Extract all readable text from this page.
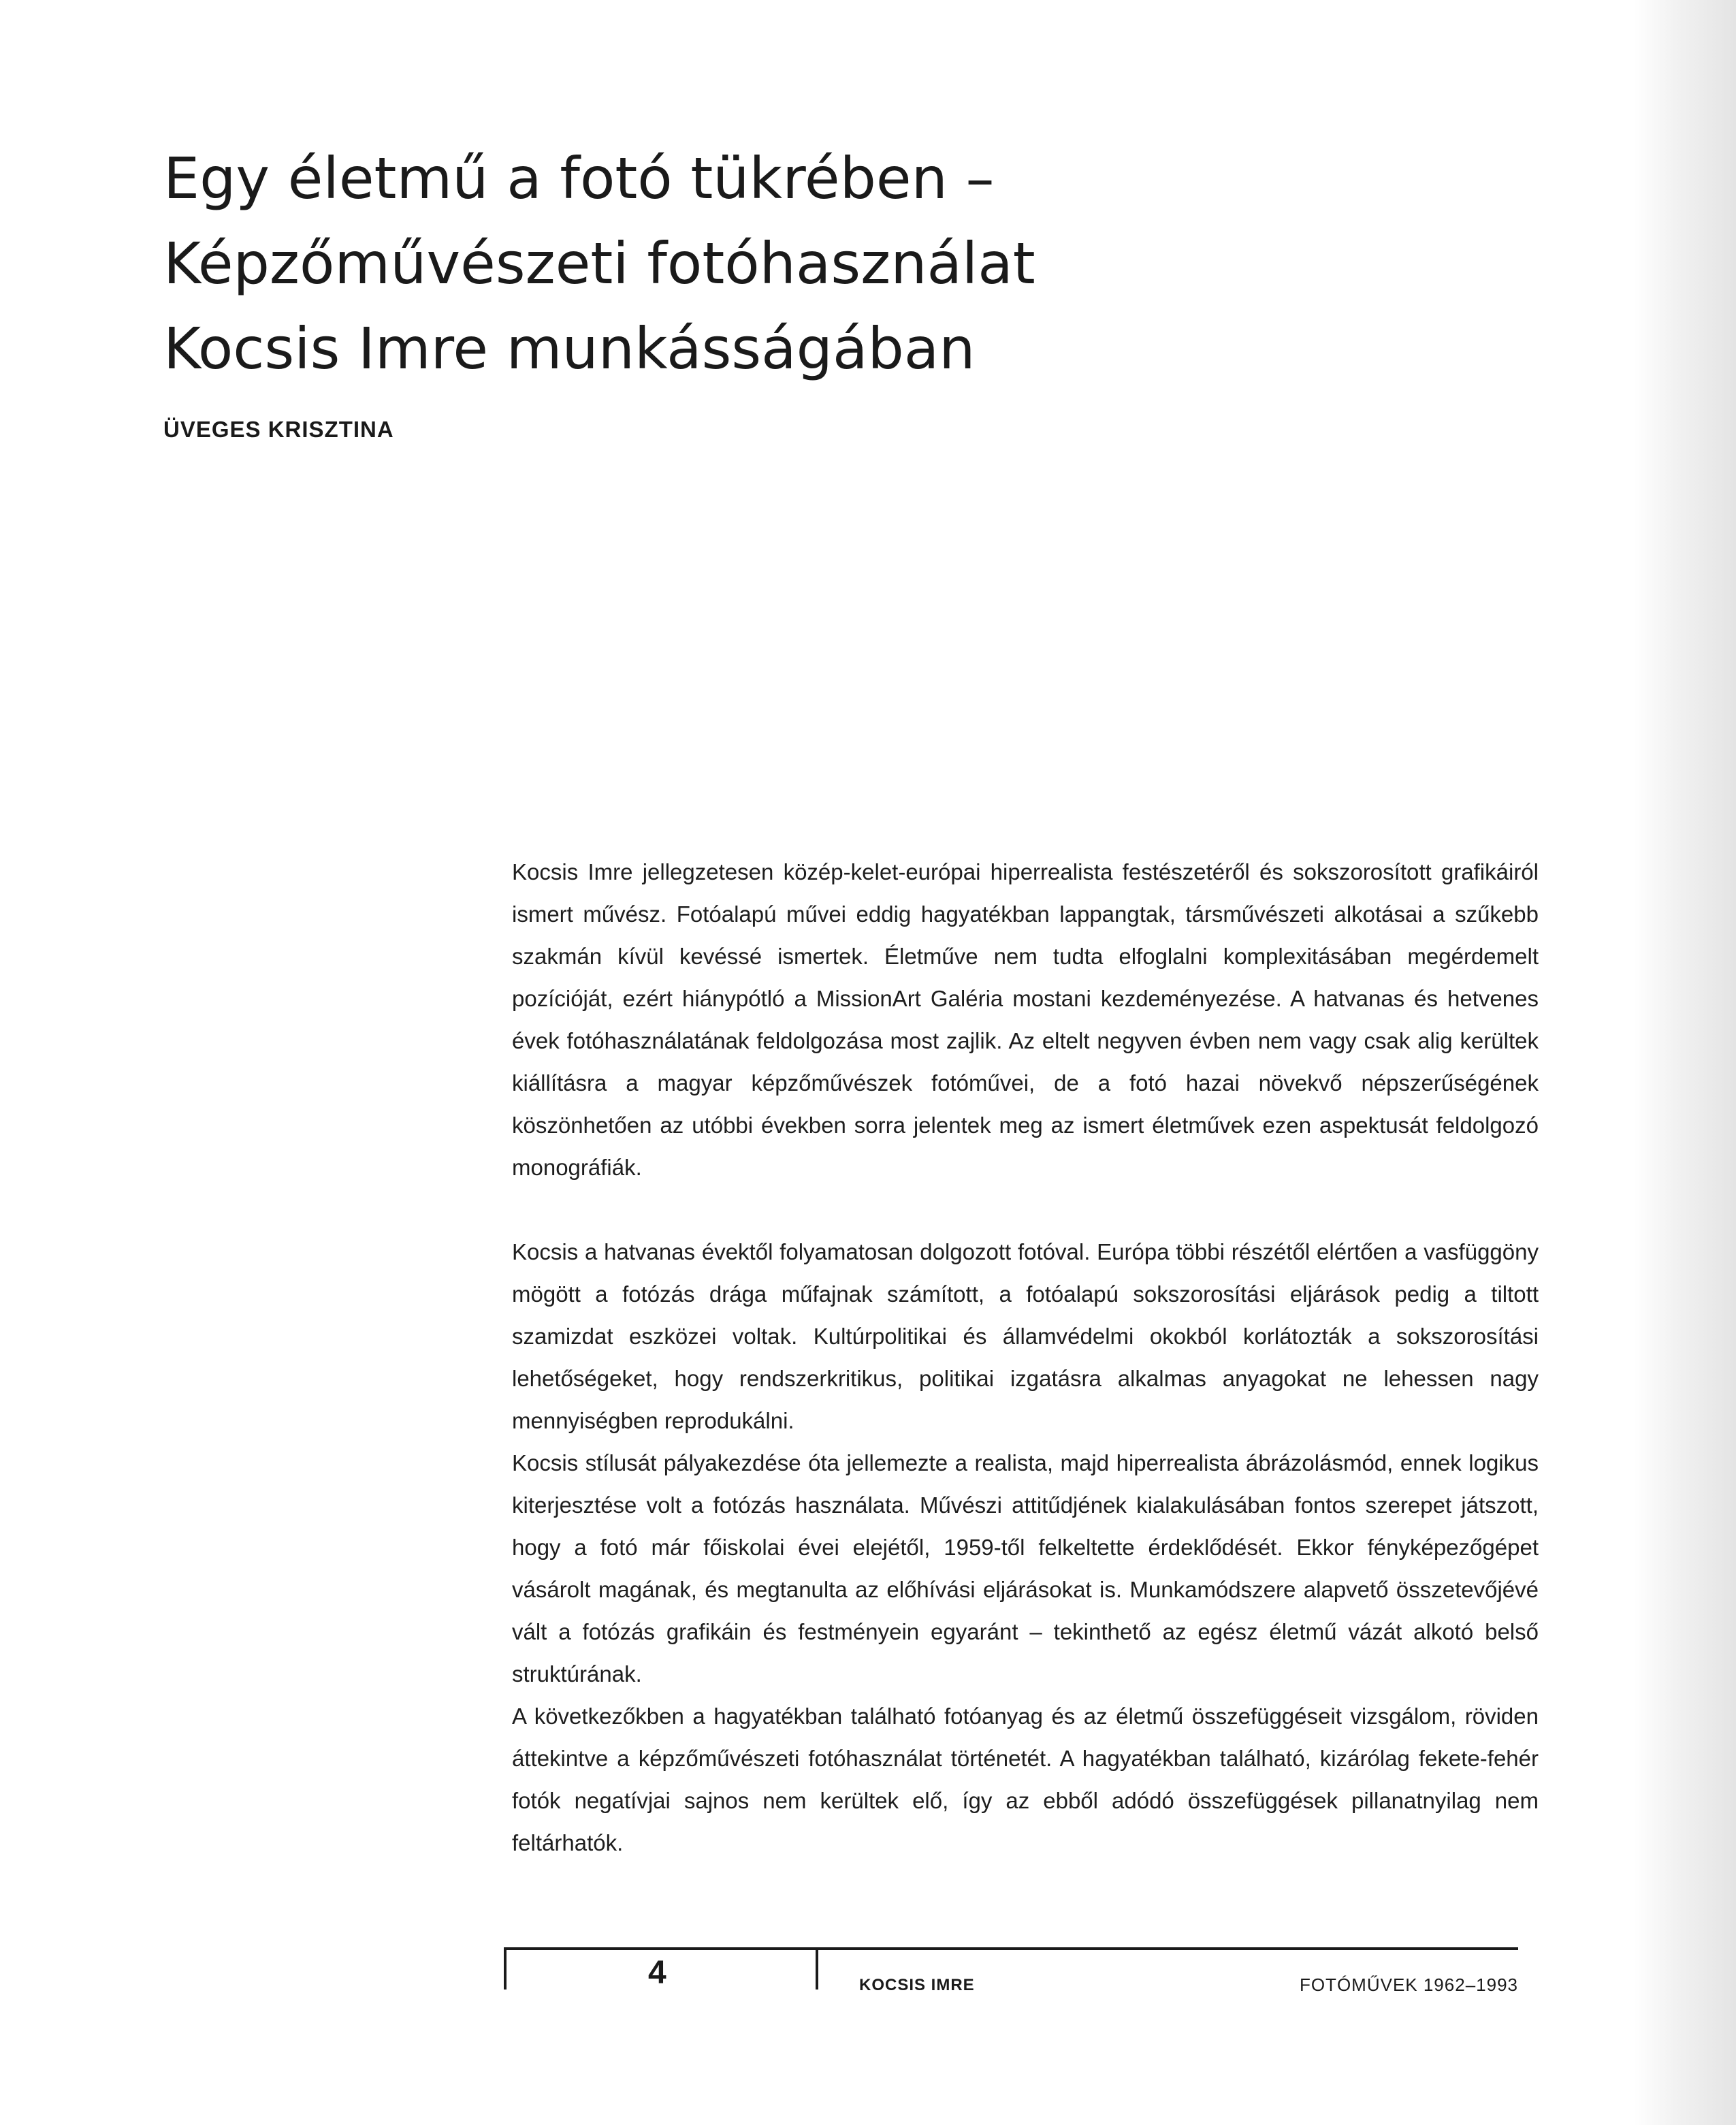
Egy életmű a fotó tükrében –
Képzőművészeti fotóhasználat
Kocsis Imre munkásságában

ÜVEGES KRISZTINA

Kocsis Imre jellegzetesen közép-kelet-európai hiperrealista festészetéről és sokszorosított grafikáiról ismert művész. Fotóalapú művei eddig hagyatékban lappangtak, társművészeti alkotásai a szűkebb szakmán kívül kevéssé ismertek. Életműve nem tudta elfoglalni komplexitásában megérdemelt pozícióját, ezért hiánypótló a MissionArt Galéria mostani kezdeményezése. A hatvanas és hetvenes évek fotóhasználatának feldolgozása most zajlik. Az eltelt negyven évben nem vagy csak alig kerültek kiállításra a magyar képzőművészek fotóművei, de a fotó hazai növekvő népszerűségének köszönhetően az utóbbi években sorra jelentek meg az ismert életművek ezen aspektusát feldolgozó monográfiák.

Kocsis a hatvanas évektől folyamatosan dolgozott fotóval. Európa többi részétől elértően a vasfüggöny mögött a fotózás drága műfajnak számított, a fotóalapú sokszorosítási eljárások pedig a tiltott szamizdat eszközei voltak. Kultúrpolitikai és államvédelmi okokból korlátozták a sokszorosítási lehetőségeket, hogy rendszerkritikus, politikai izgatásra alkalmas anyagokat ne lehessen nagy mennyiségben reprodukálni.

Kocsis stílusát pályakezdése óta jellemezte a realista, majd hiperrealista ábrázolásmód, ennek logikus kiterjesztése volt a fotózás használata. Művészi attitűdjének kialakulásában fontos szerepet játszott, hogy a fotó már főiskolai évei elejétől, 1959-től felkeltette érdeklődését. Ekkor fényképezőgépet vásárolt magának, és megtanulta az előhívási eljárásokat is. Munkamódszere alapvető összetevőjévé vált a fotózás grafikáin és festményein egyaránt – tekinthető az egész életmű vázát alkotó belső struktúrának.

A következőkben a hagyatékban található fotóanyag és az életmű összefüggéseit vizsgálom, röviden áttekintve a képzőművészeti fotóhasználat történetét. A hagyatékban található, kizárólag fekete-fehér fotók negatívjai sajnos nem kerültek elő, így az ebből adódó összefüggések pillanatnyilag nem feltárhatók.

4	KOCSIS IMRE	FOTÓMŰVEK 1962–1993
